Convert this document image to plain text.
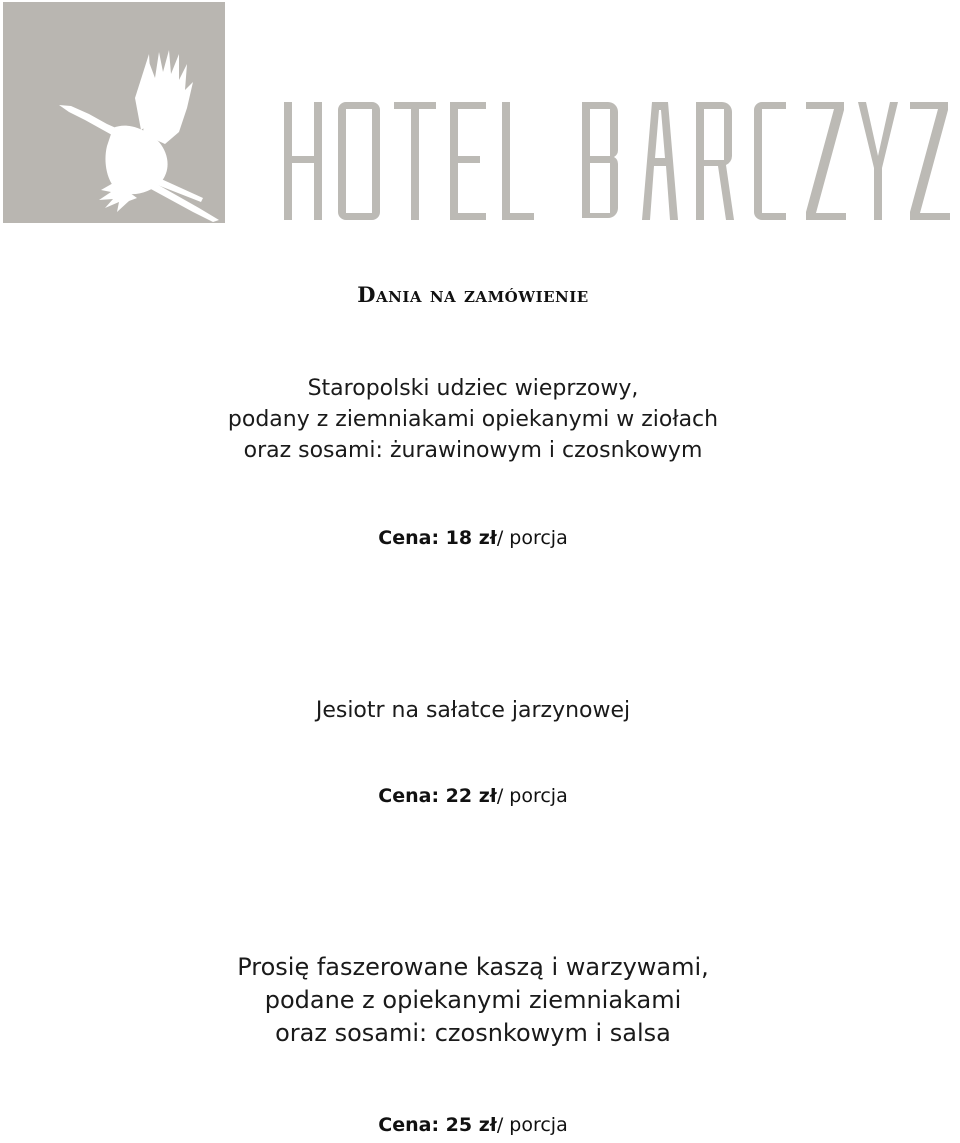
Dania na zamówienie
Staropolski udziec wieprzowy,
podany z ziemniakami opiekanymi w ziołach
oraz sosami: żurawinowym i czosnkowym
Cena: 18 zł/ porcja
Jesiotr na sałatce jarzynowej
Cena: 22 zł/ porcja
Prosię faszerowane kaszą i warzywami,
podane z opiekanymi ziemniakami
oraz sosami: czosnkowym i salsa
Cena: 25 zł/ porcja
